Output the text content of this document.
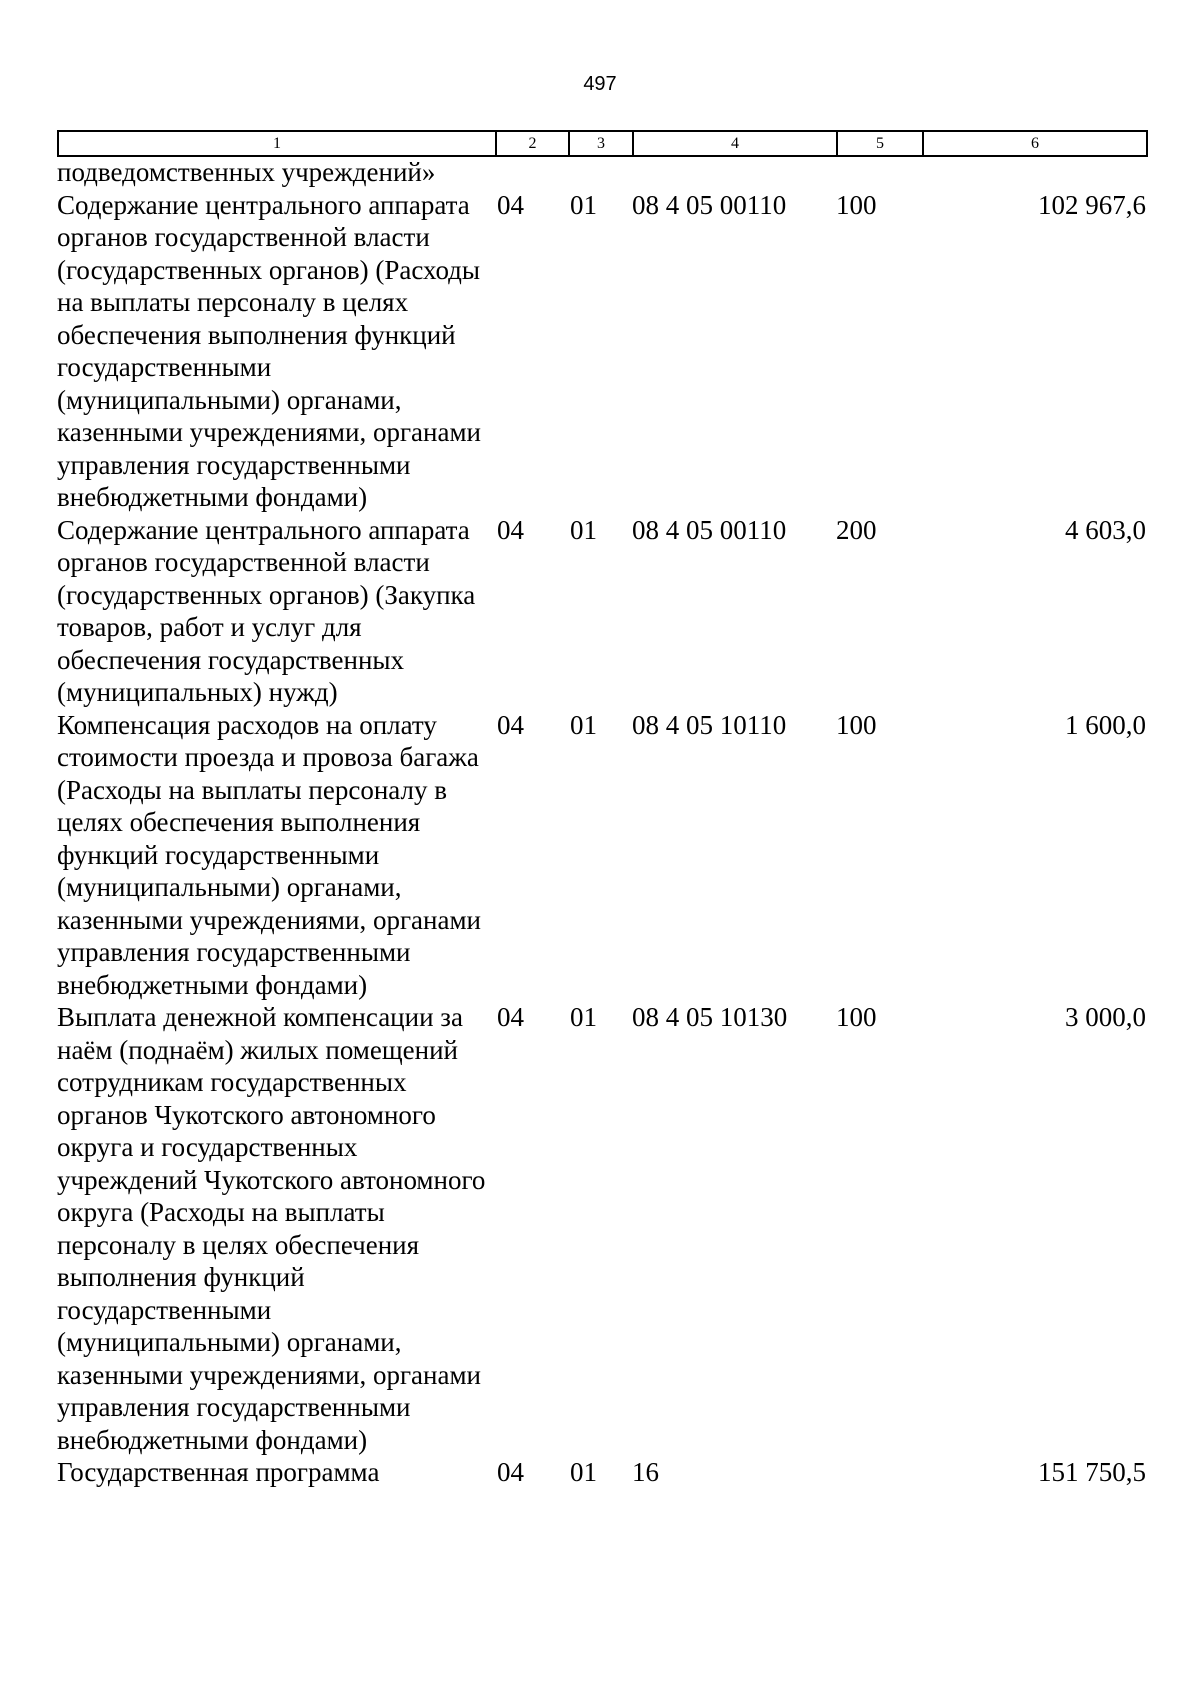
497
1	2	3	4	5	6
подведомственных учреждений»					
Содержание центрального аппарата органов государственной власти (государственных органов) (Расходы на выплаты персоналу в целях обеспечения выполнения функций государственными (муниципальными) органами, казенными учреждениями, органами управления государственными внебюджетными фондами)	04	01	08 4 05 00110	100	102 967,6
Содержание центрального аппарата органов государственной власти (государственных органов) (Закупка товаров, работ и услуг для обеспечения государственных (муниципальных) нужд)	04	01	08 4 05 00110	200	4 603,0
Компенсация расходов на оплату стоимости проезда и провоза багажа (Расходы на выплаты персоналу в целях обеспечения выполнения функций государственными (муниципальными) органами, казенными учреждениями, органами управления государственными внебюджетными фондами)	04	01	08 4 05 10110	100	1 600,0
Выплата денежной компенсации за наём (поднаём) жилых помещений сотрудникам государственных органов Чукотского автономного округа и государственных учреждений Чукотского автономного округа (Расходы на выплаты персоналу в целях обеспечения выполнения функций государственными (муниципальными) органами, казенными учреждениями, органами управления государственными внебюджетными фондами)	04	01	08 4 05 10130	100	3 000,0
Государственная программа	04	01	16		151 750,5
